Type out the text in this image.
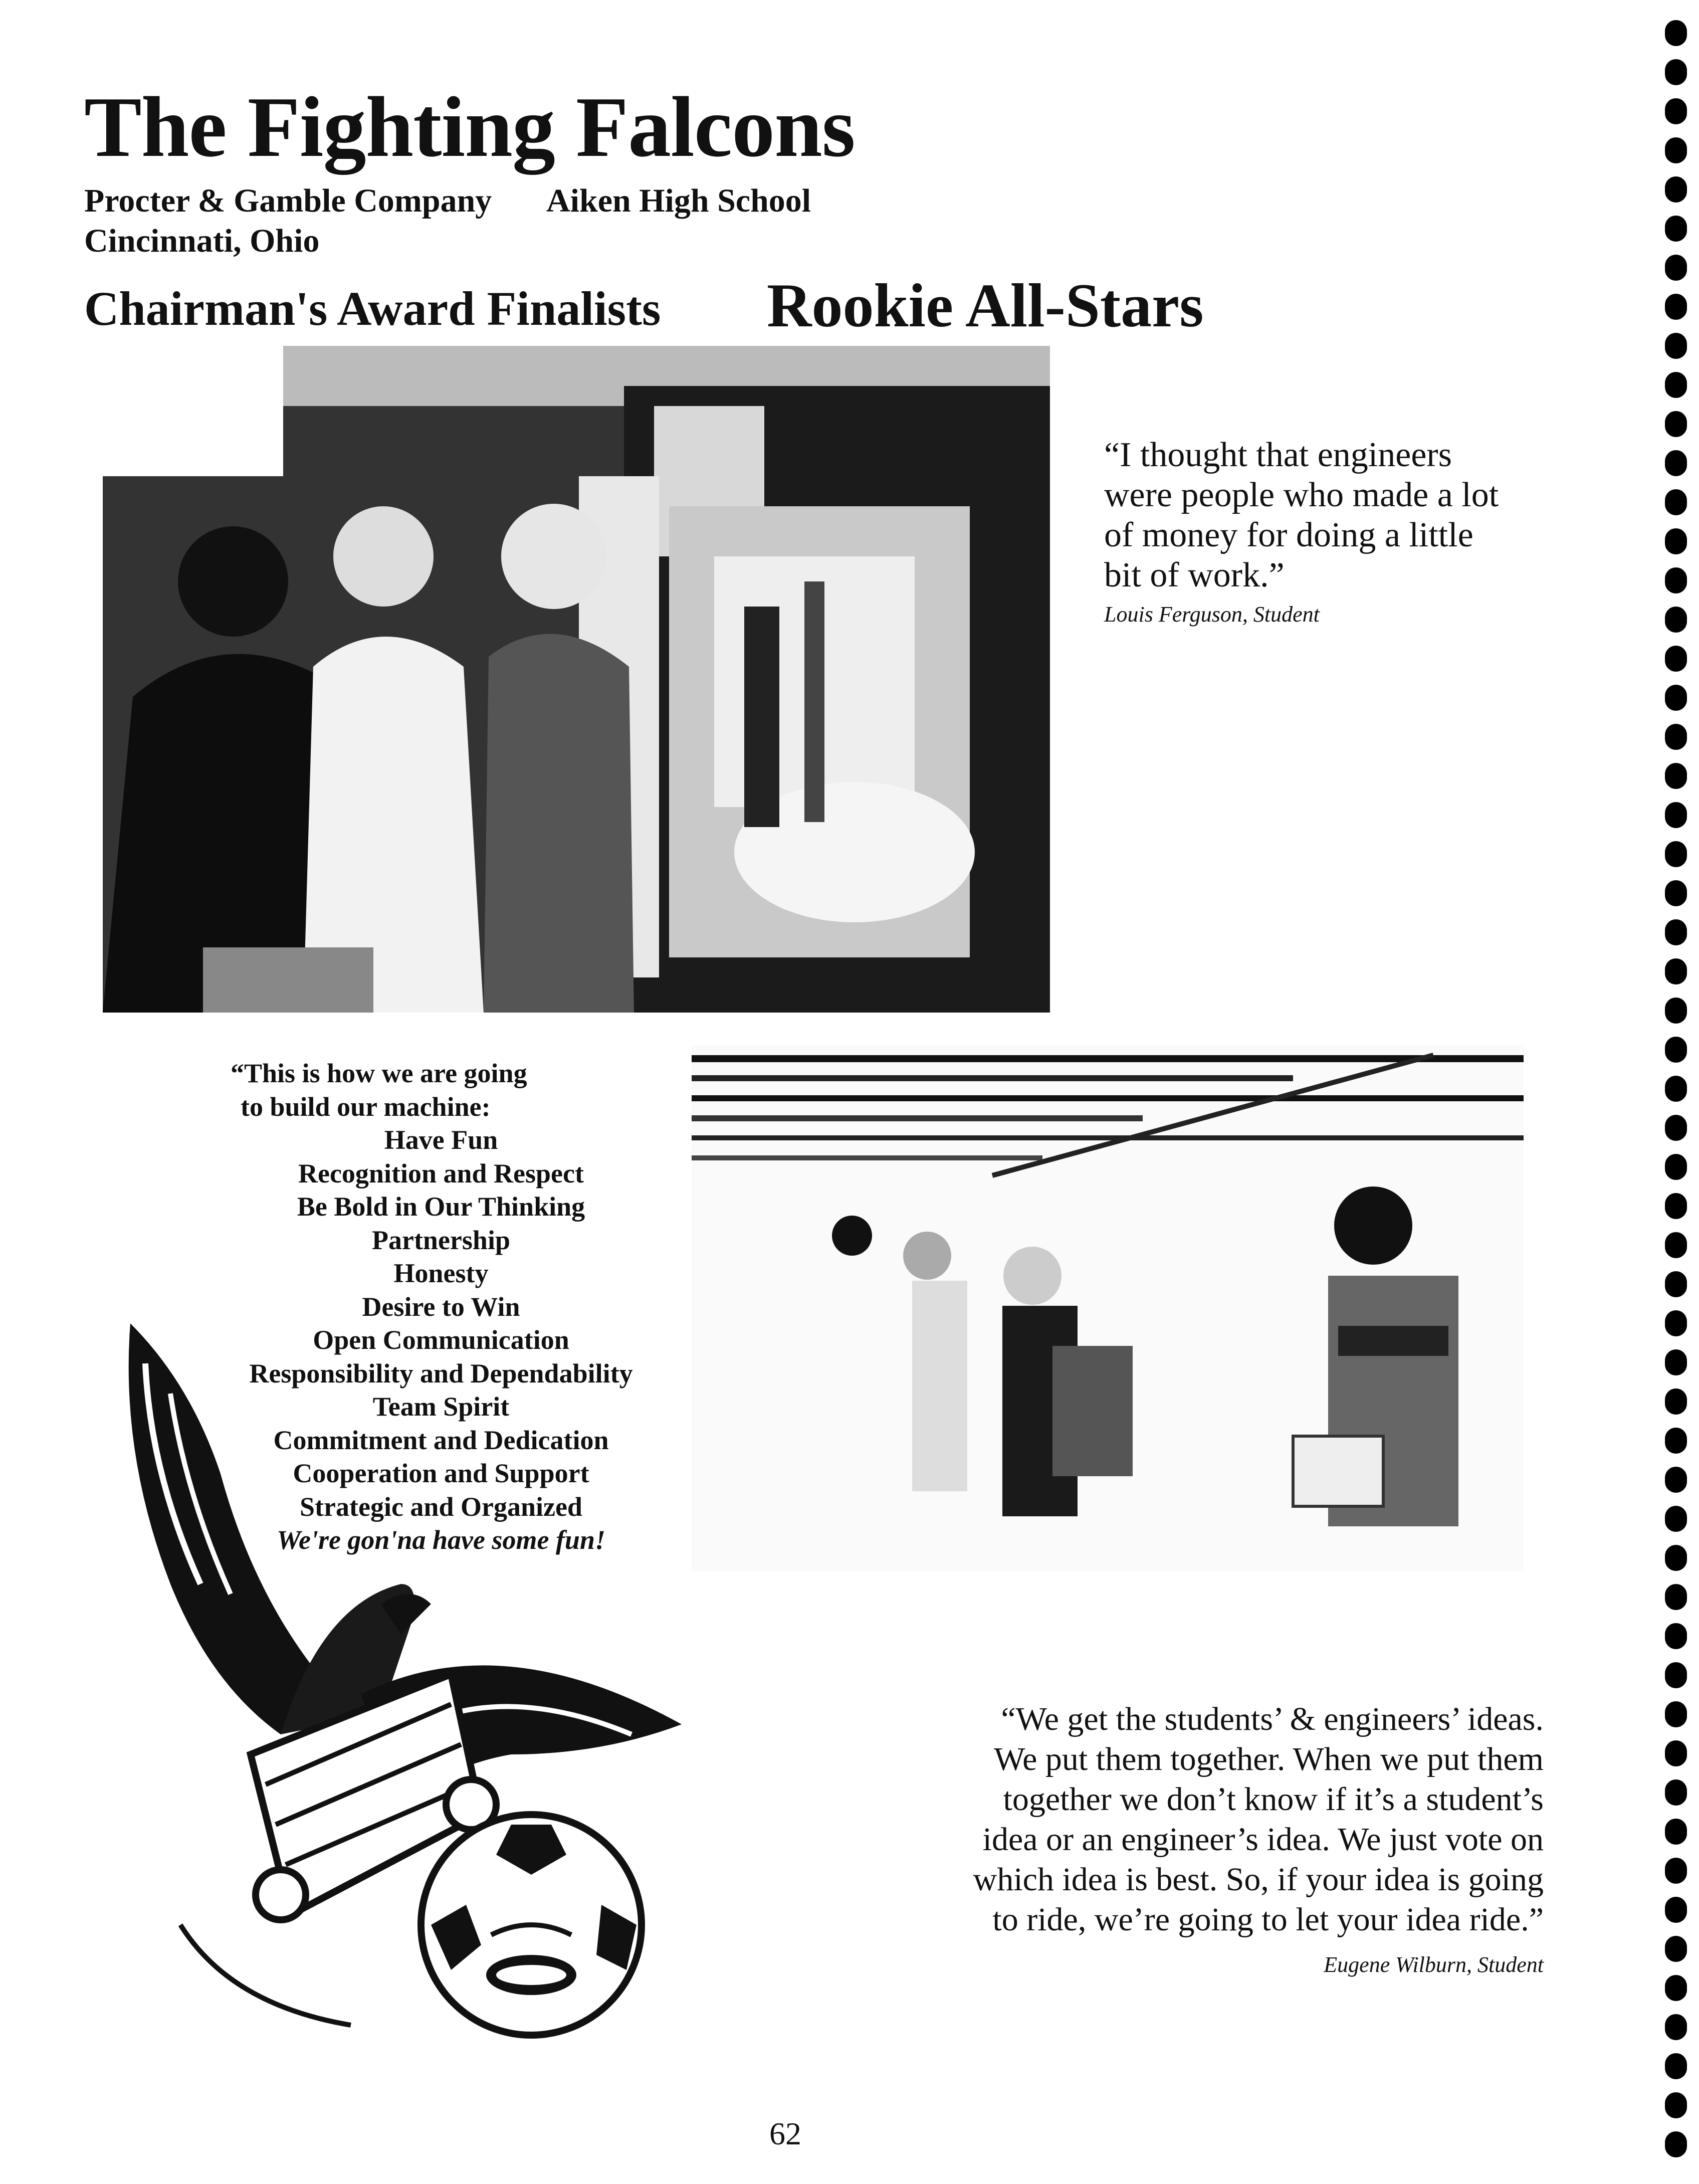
The Fighting Falcons
Procter & Gamble Company Aiken High School
Cincinnati, Ohio
Chairman's Award Finalists Rookie All-Stars

“I thought that engineers

were people who made a lot

of money for doing a little

bit of work.”

Louis Ferguson, Student
“This is how we are going
to build our machine:
Have Fun
Recognition and Respect
Be Bold in Our Thinking
Partnership
Honesty
Desire to Win
Open Communication
Responsibility and Dependability
Team Spirit
Commitment and Dedication
Cooperation and Support
Strategic and Organized
We're gon'na have some fun!
“We get the students’ & engineers’ ideas.
We put them together. When we put them
together we don’t know if it’s a student’s
idea or an engineer’s idea. We just vote on
which idea is best. So, if your idea is going
to ride, we’re going to let your idea ride.”
Eugene Wilburn, Student
62
